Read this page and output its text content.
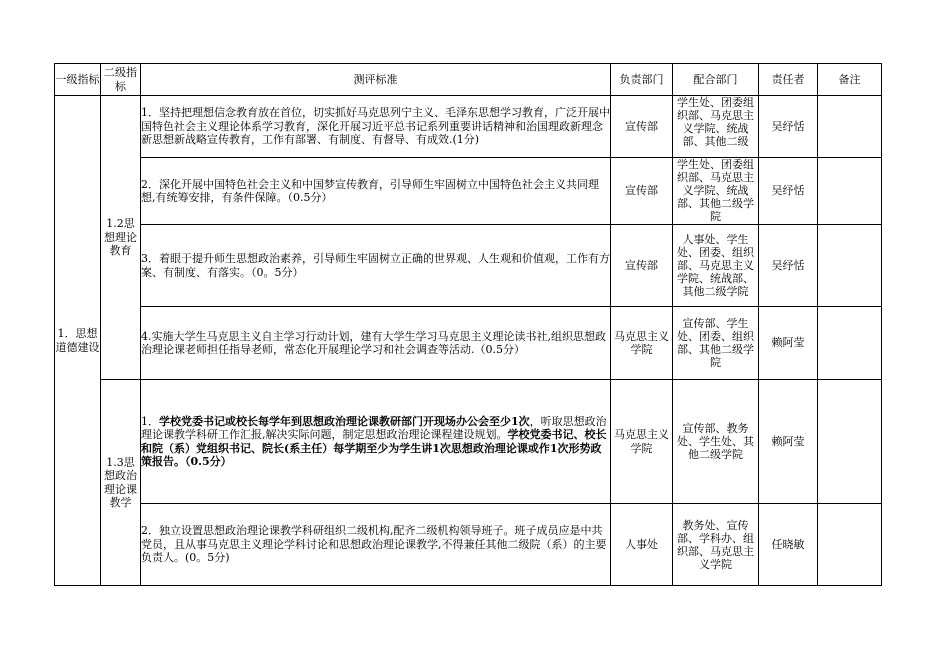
一级指标	二级指标	测评标准	负责部门	配合部门	责任者	备注
1．思想道德建设	1.2思想理论教育	1．坚持把理想信念教育放在首位，切实抓好马克思列宁主义、毛泽东思想学习教育，广泛开展中国特色社会主义理论体系学习教育，深化开展习近平总书记系列重要讲话精神和治国理政新理念新思想新战略宣传教育，工作有部署、有制度、有督导、有成效.(1分)	宣传部	学生处、团委组织部、马克思主义学院、统战部、其他二级	吴纾恬	
		2．深化开展中国特色社会主义和中国梦宣传教育，引导师生牢固树立中国特色社会主义共同理想,有统筹安排，有条件保障。（0.5分）	宣传部	学生处、团委组织部、马克思主义学院、统战部、其他二级学院	吴纾恬	
		3．着眼于提升师生思想政治素养，引导师生牢固树立正确的世界观、人生观和价值观，工作有方案、有制度、有落实。（0。5分）	宣传部	人事处、学生处、团委、组织部、马克思主义学院、统战部、其他二级学院	吴纾恬	
		4.实施大学生马克思主义自主学习行动计划，建有大学生学习马克思主义理论读书社,组织思想政治理论课老师担任指导老师，常态化开展理论学习和社会调查等活动.（0.5分）	马克思主义学院	宣传部、学生处、团委、组织部、其他二级学院	赖阿莹	
	1.3思想政治理论课教学	1．学校党委书记或校长每学年到思想政治理论课教研部门开现场办公会至少1次，听取思想政治理论课教学科研工作汇报,解决实际问题，制定思想政治理论课程建设规划。学校党委书记、校长和院（系）党组织书记、院长(系主任）每学期至少为学生讲1次思想政治理论课或作1次形势政策报告。（0.5分）	马克思主义学院	宣传部、教务处、学生处、其他二级学院	赖阿莹	
		2．独立设置思想政治理论课教学科研组织二级机构,配齐二级机构领导班子。班子成员应是中共党员，且从事马克思主义理论学科讨论和思想政治理论课教学,不得兼任其他二级院（系）的主要负责人。(0。5分)	人事处	教务处、宣传部、学科办、组织部、马克思主义学院	任晓敏	
